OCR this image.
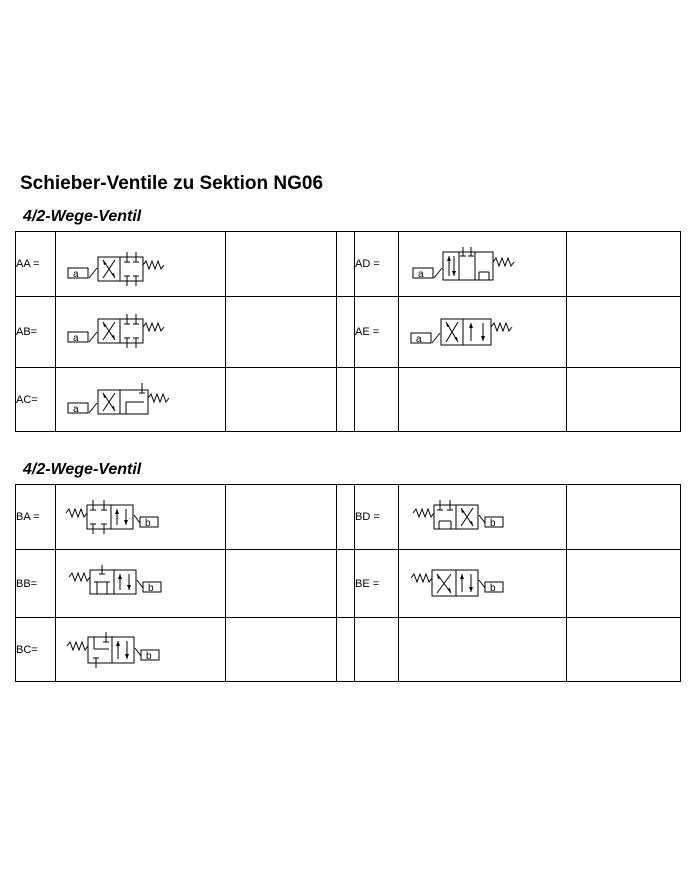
Schieber-Ventile zu Sektion NG06
4/2-Wege-Ventil
AA =	a			AD =	a	

AB=	a			AE =	a	

AC=	a					

4/2-Wege-Ventil
BA =	b			BD =	b	

BB=	b			BE =	b	

BC=	b					
